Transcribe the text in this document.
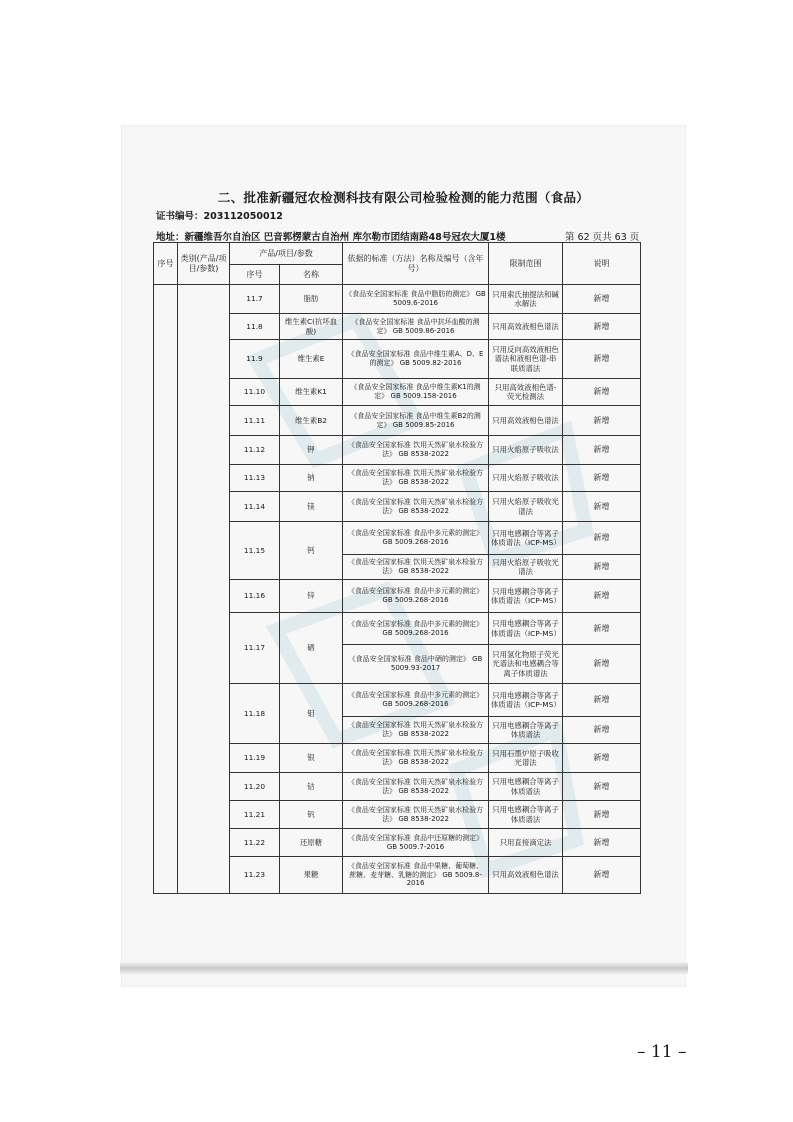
二、批准新疆冠农检测科技有限公司检验检测的能力范围（食品）
证书编号：203112050012
地址：新疆维吾尔自治区 巴音郭楞蒙古自治州 库尔勒市团结南路48号冠农大厦1楼	第 62 页共 63 页
序号	类别(产品/项目/参数)	产品/项目/参数		依据的标准（方法）名称及编号（含年号）	限制范围	说明
		序号	名称			
		11.7	脂肪	《食品安全国家标准 食品中脂肪的测定》 GB 5009.6-2016	只用索氏抽提法和碱水解法	新增
		11.8	维生素C(抗坏血酸)	《食品安全国家标准 食品中抗坏血酸的测定》 GB 5009.86-2016	只用高效液相色谱法	新增
		11.9	维生素E	《食品安全国家标准 食品中维生素A、D、E的测定》 GB 5009.82-2016	只用反向高效液相色谱法和液相色谱-串联质谱法	新增
		11.10	维生素K1	《食品安全国家标准 食品中维生素K1的测定》 GB 5009.158-2016	只用高效液相色谱-荧光检测法	新增
		11.11	维生素B2	《食品安全国家标准 食品中维生素B2的测定》 GB 5009.85-2016	只用高效液相色谱法	新增
		11.12	钾	《食品安全国家标准 饮用天然矿泉水检验方法》 GB 8538-2022	只用火焰原子吸收法	新增
		11.13	钠	《食品安全国家标准 饮用天然矿泉水检验方法》 GB 8538-2022	只用火焰原子吸收法	新增
		11.14	镁	《食品安全国家标准 饮用天然矿泉水检验方法》 GB 8538-2022	只用火焰原子吸收光谱法	新增
		11.15	钙	《食品安全国家标准 食品中多元素的测定》 GB 5009.268-2016	只用电感耦合等离子体质谱法（ICP-MS）	新增
				《食品安全国家标准 饮用天然矿泉水检验方法》 GB 8538-2022	只用火焰原子吸收光谱法	新增
		11.16	锌	《食品安全国家标准 食品中多元素的测定》 GB 5009.268-2016	只用电感耦合等离子体质谱法（ICP-MS）	新增
		11.17	硒	《食品安全国家标准 食品中多元素的测定》 GB 5009.268-2016	只用电感耦合等离子体质谱法（ICP-MS）	新增
				《食品安全国家标准 食品中硒的测定》 GB 5009.93-2017	只用氢化物原子荧光光谱法和电感耦合等离子体质谱法	新增
		11.18	钼	《食品安全国家标准 食品中多元素的测定》 GB 5009.268-2016	只用电感耦合等离子体质谱法（ICP-MS）	新增
				《食品安全国家标准 饮用天然矿泉水检验方法》 GB 8538-2022	只用电感耦合等离子体质谱法	新增
		11.19	银	《食品安全国家标准 饮用天然矿泉水检验方法》 GB 8538-2022	只用石墨炉原子吸收光谱法	新增
		11.20	钴	《食品安全国家标准 饮用天然矿泉水检验方法》 GB 8538-2022	只用电感耦合等离子体质谱法	新增
		11.21	钒	《食品安全国家标准 饮用天然矿泉水检验方法》 GB 8538-2022	只用电感耦合等离子体质谱法	新增
		11.22	还原糖	《食品安全国家标准 食品中还原糖的测定》 GB 5009.7-2016	只用直接滴定法	新增
		11.23	果糖	《食品安全国家标准 食品中果糖、葡萄糖、蔗糖、麦芽糖、乳糖的测定》 GB 5009.8-2016	只用高效液相色谱法	新增
– 11 –
